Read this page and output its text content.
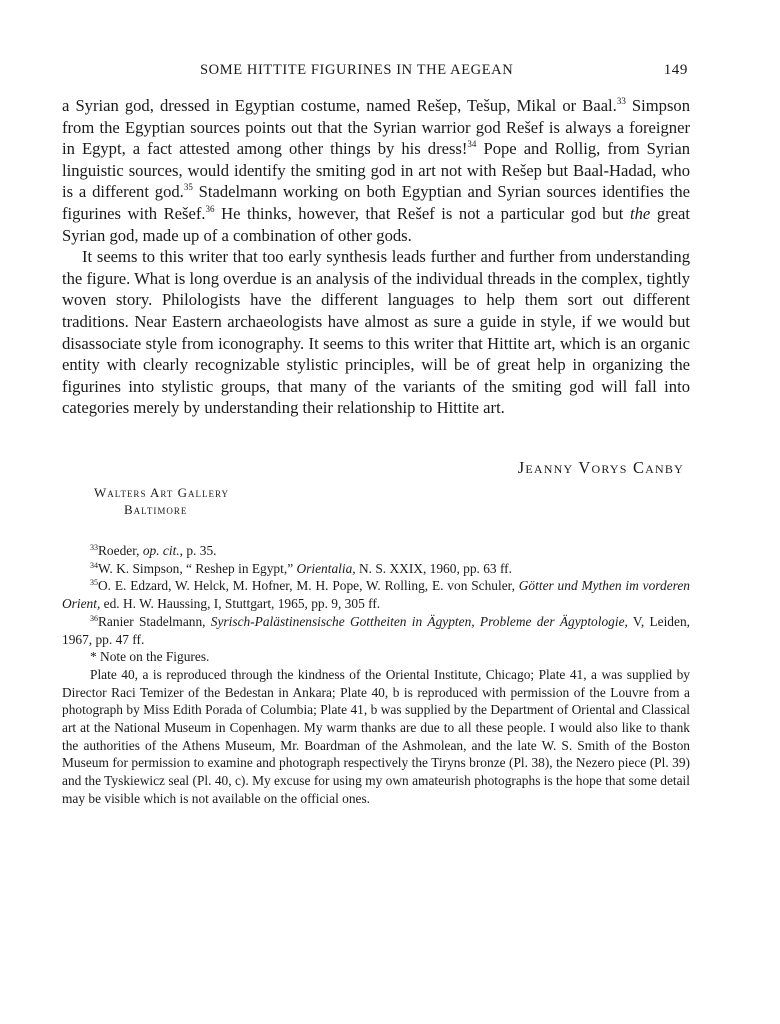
SOME HITTITE FIGURINES IN THE AEGEAN	149

a Syrian god, dressed in Egyptian costume, named Rešep, Tešup, Mikal or Baal.$^{33}$ Simpson from the Egyptian sources points out that the Syrian warrior god Rešef is always a foreigner in Egypt, a fact attested among other things by his dress!$^{34}$ Pope and Rollig, from Syrian linguistic sources, would identify the smiting god in art not with Rešep but Baal-Hadad, who is a different god.$^{35}$ Stadelmann working on both Egyptian and Syrian sources identifies the figurines with Rešef.$^{36}$ He thinks, however, that Rešef is not a particular god but the great Syrian god, made up of a combination of other gods.

It seems to this writer that too early synthesis leads further and further from understanding the figure. What is long overdue is an analysis of the individual threads in the complex, tightly woven story. Philologists have the different languages to help them sort out different traditions. Near Eastern archaeologists have almost as sure a guide in style, if we would but disassociate style from iconography. It seems to this writer that Hittite art, which is an organic entity with clearly recognizable stylistic principles, will be of great help in organizing the figurines into stylistic groups, that many of the variants of the smiting god will fall into categories merely by understanding their relationship to Hittite art.

Jeanny Vorys Canby
Walters Art Gallery
Baltimore

$^{33}$Roeder, op. cit., p. 35.

$^{34}$W. K. Simpson, “ Reshep in Egypt,” Orientalia, N. S. XXIX, 1960, pp. 63 ff.

$^{35}$O. E. Edzard, W. Helck, M. Hofner, M. H. Pope, W. Rolling, E. von Schuler, Götter und Mythen im vorderen Orient, ed. H. W. Haussing, I, Stuttgart, 1965, pp. 9, 305 ff.

$^{36}$Ranier Stadelmann, Syrisch-Palästinensische Gottheiten in Ägypten, Probleme der Ägyptologie, V, Leiden, 1967, pp. 47 ff.

* Note on the Figures.

Plate 40, a is reproduced through the kindness of the Oriental Institute, Chicago; Plate 41, a was supplied by Director Raci Temizer of the Bedestan in Ankara; Plate 40, b is reproduced with permission of the Louvre from a photograph by Miss Edith Porada of Columbia; Plate 41, b was supplied by the Department of Oriental and Classical art at the National Museum in Copenhagen. My warm thanks are due to all these people. I would also like to thank the authorities of the Athens Museum, Mr. Boardman of the Ashmolean, and the late W. S. Smith of the Boston Museum for permission to examine and photograph respectively the Tiryns bronze (Pl. 38), the Nezero piece (Pl. 39) and the Tyskiewicz seal (Pl. 40, c). My excuse for using my own amateurish photographs is the hope that some detail may be visible which is not available on the official ones.
